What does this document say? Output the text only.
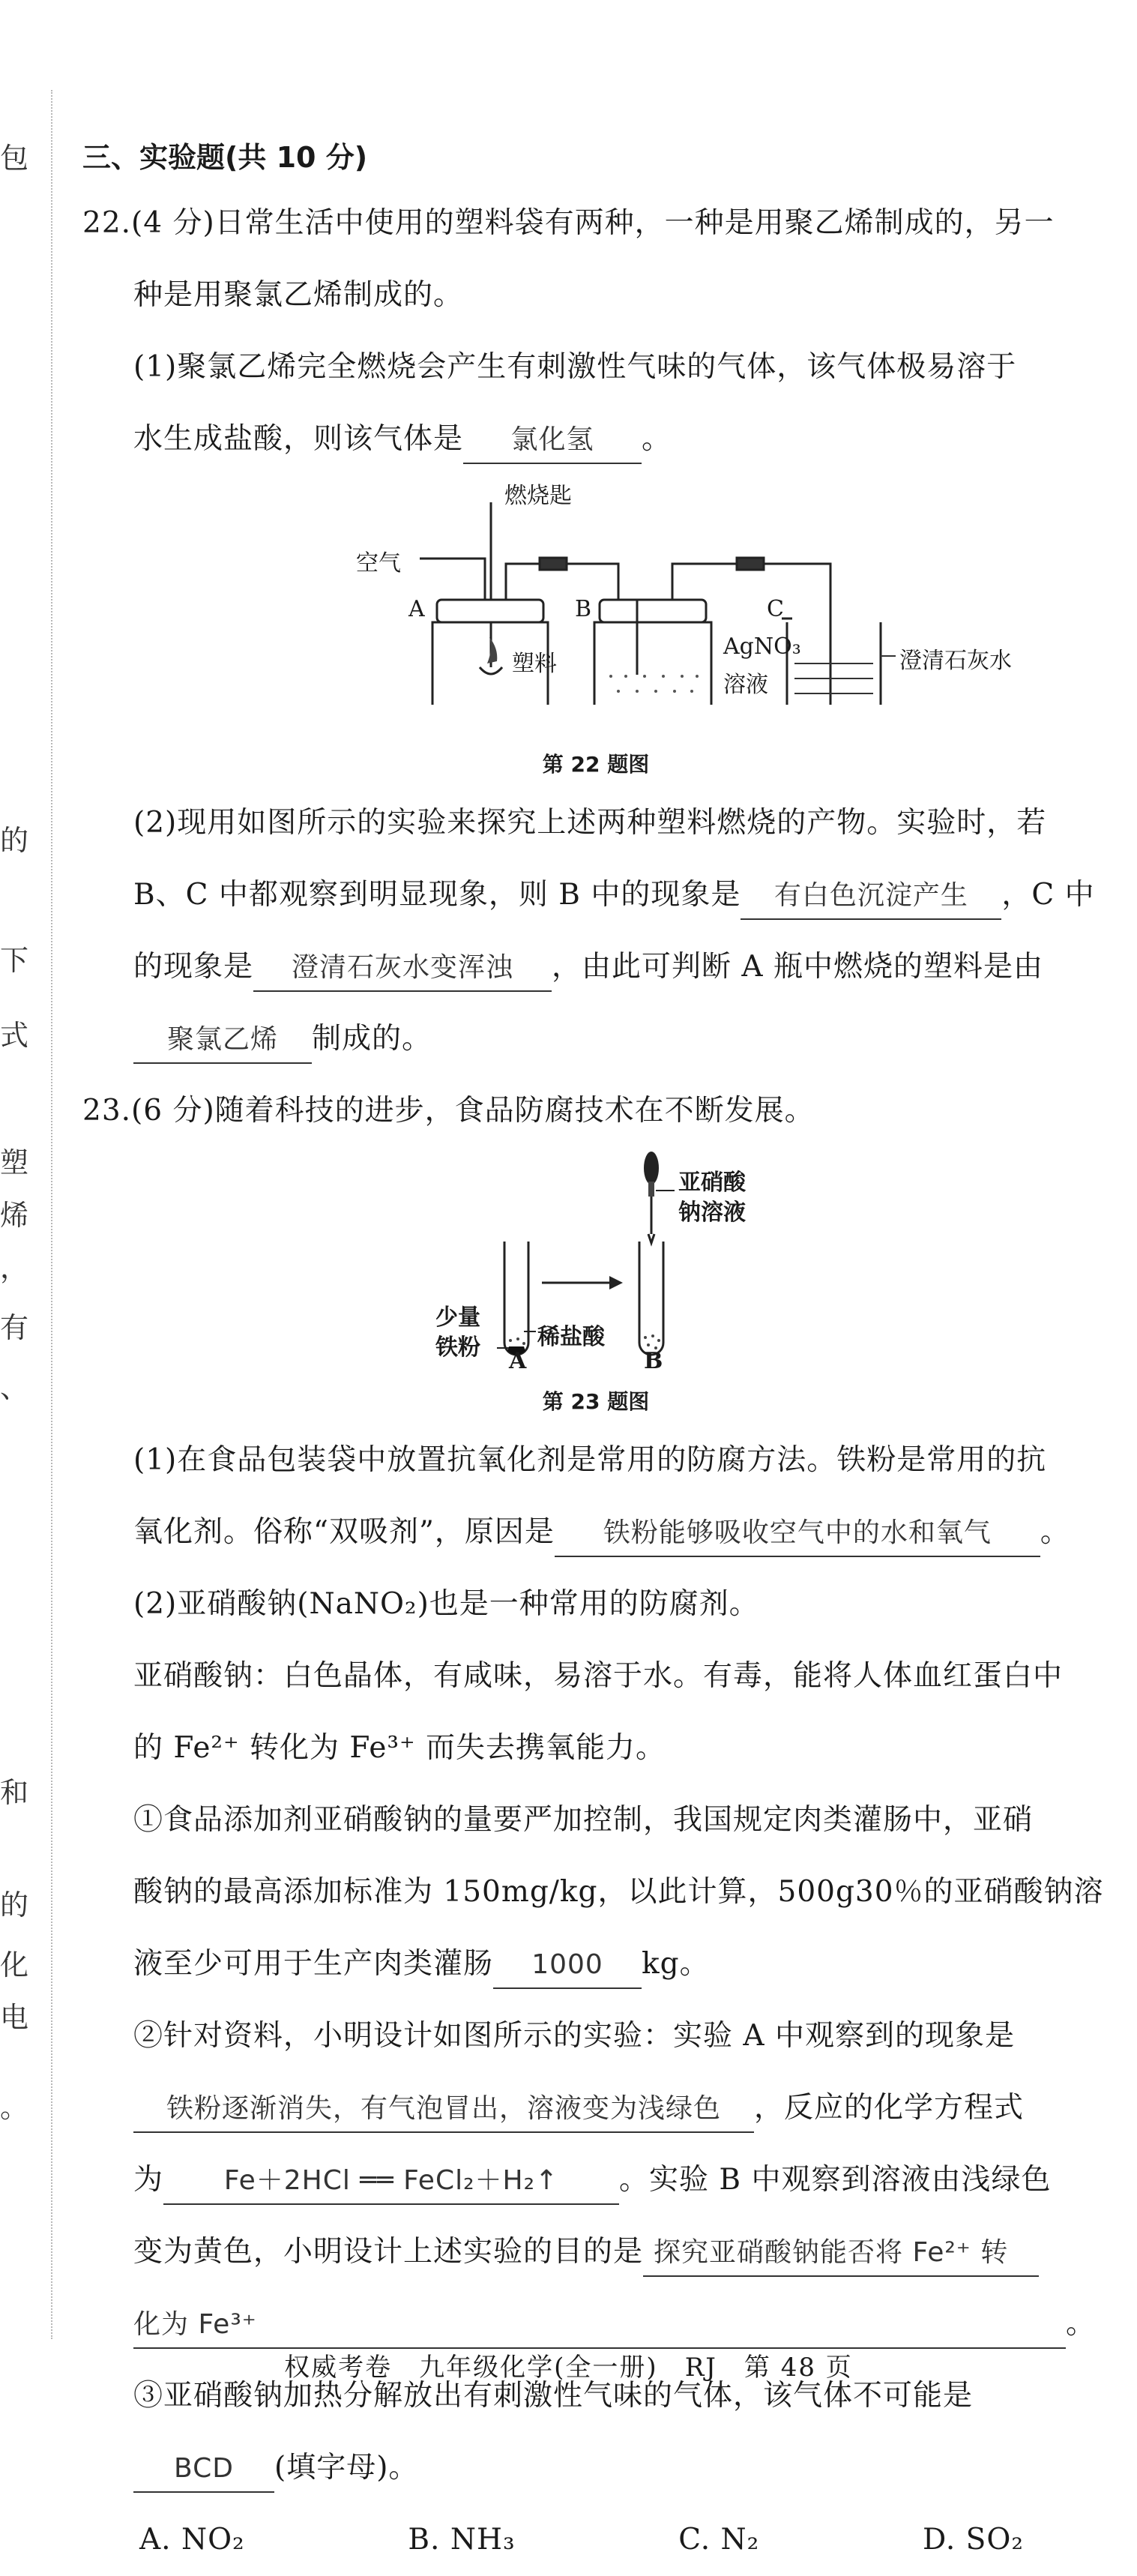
包
的
下
式
塑
烯
，
有
、
和
的
化
电
。
三、实验题(共 10 分)
22.(4 分)日常生活中使用的塑料袋有两种，一种是用聚乙烯制成的，另一
种是用聚氯乙烯制成的。
(1)聚氯乙烯完全燃烧会产生有刺激性气味的气体，该气体极易溶于
水生成盐酸，则该气体是 氯化氢 。
燃烧匙
空气
A	B	C
塑料
AgNO₃
溶液
澄清石灰水
第 22 题图
(2)现用如图所示的实验来探究上述两种塑料燃烧的产物。实验时，若
B、C 中都观察到明显现象，则 B 中的现象是 有白色沉淀产生 ，C 中
的现象是 澄清石灰水变浑浊 ，由此可判断 A 瓶中燃烧的塑料是由
聚氯乙烯 制成的。
23.(6 分)随着科技的进步，食品防腐技术在不断发展。
亚硝酸
钠溶液
少量
铁粉	稀盐酸
A	B
第 23 题图
(1)在食品包装袋中放置抗氧化剂是常用的防腐方法。铁粉是常用的抗
氧化剂。俗称“双吸剂”，原因是 铁粉能够吸收空气中的水和氧气 。
(2)亚硝酸钠(NaNO₂)也是一种常用的防腐剂。
亚硝酸钠：白色晶体，有咸味，易溶于水。有毒，能将人体血红蛋白中
的 Fe²⁺ 转化为 Fe³⁺ 而失去携氧能力。
①食品添加剂亚硝酸钠的量要严加控制，我国规定肉类灌肠中，亚硝
酸钠的最高添加标准为 150mg/kg，以此计算，500g30％的亚硝酸钠溶
液至少可用于生产肉类灌肠 1000 kg。
②针对资料，小明设计如图所示的实验：实验 A 中观察到的现象是
铁粉逐渐消失，有气泡冒出，溶液变为浅绿色 ，反应的化学方程式
为 Fe＋2HCl ══ FeCl₂＋H₂↑ 。实验 B 中观察到溶液由浅绿色
变为黄色，小明设计上述实验的目的是 探究亚硝酸钠能否将 Fe²⁺ 转
化为 Fe³⁺	。
③亚硝酸钠加热分解放出有刺激性气味的气体，该气体不可能是
BCD (填字母)。
A. NO₂	B. NH₃	C. N₂	D. SO₂
权威考卷　九年级化学(全一册)　RJ　第 48 页
